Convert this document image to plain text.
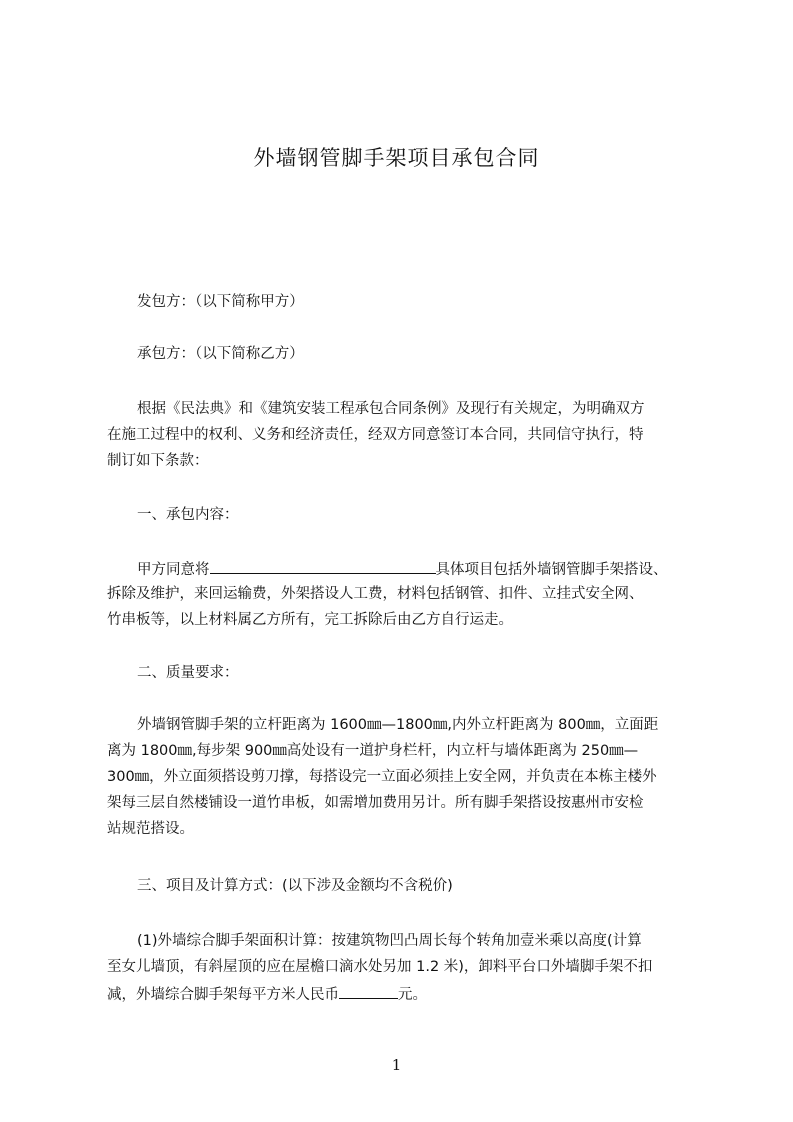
外墙钢管脚手架项目承包合同
发包方：（以下简称甲方）
承包方：（以下简称乙方）
根据《民法典》和《建筑安装工程承包合同条例》及现行有关规定，为明确双方
在施工过程中的权利、义务和经济责任，经双方同意签订本合同，共同信守执行，特
制订如下条款：
一、承包内容：
甲方同意将	具体项目包括外墙钢管脚手架搭设、
拆除及维护，来回运输费，外架搭设人工费，材料包括钢管、扣件、立挂式安全网、
竹串板等，以上材料属乙方所有，完工拆除后由乙方自行运走。
二、质量要求：
外墙钢管脚手架的立杆距离为 1600㎜—1800㎜,内外立杆距离为 800㎜，立面距
离为 1800㎜,每步架 900㎜高处设有一道护身栏杆，内立杆与墙体距离为 250㎜—
300㎜，外立面须搭设剪刀撑，每搭设完一立面必须挂上安全网，并负责在本栋主楼外
架每三层自然楼铺设一道竹串板，如需增加费用另计。所有脚手架搭设按惠州市安检
站规范搭设。
三、项目及计算方式：(以下涉及金额均不含税价)
(1)外墙综合脚手架面积计算：按建筑物凹凸周长每个转角加壹米乘以高度(计算
至女儿墙顶，有斜屋顶的应在屋檐口滴水处另加 1.2 米)，卸料平台口外墙脚手架不扣
减，外墙综合脚手架每平方米人民币	元。
1
